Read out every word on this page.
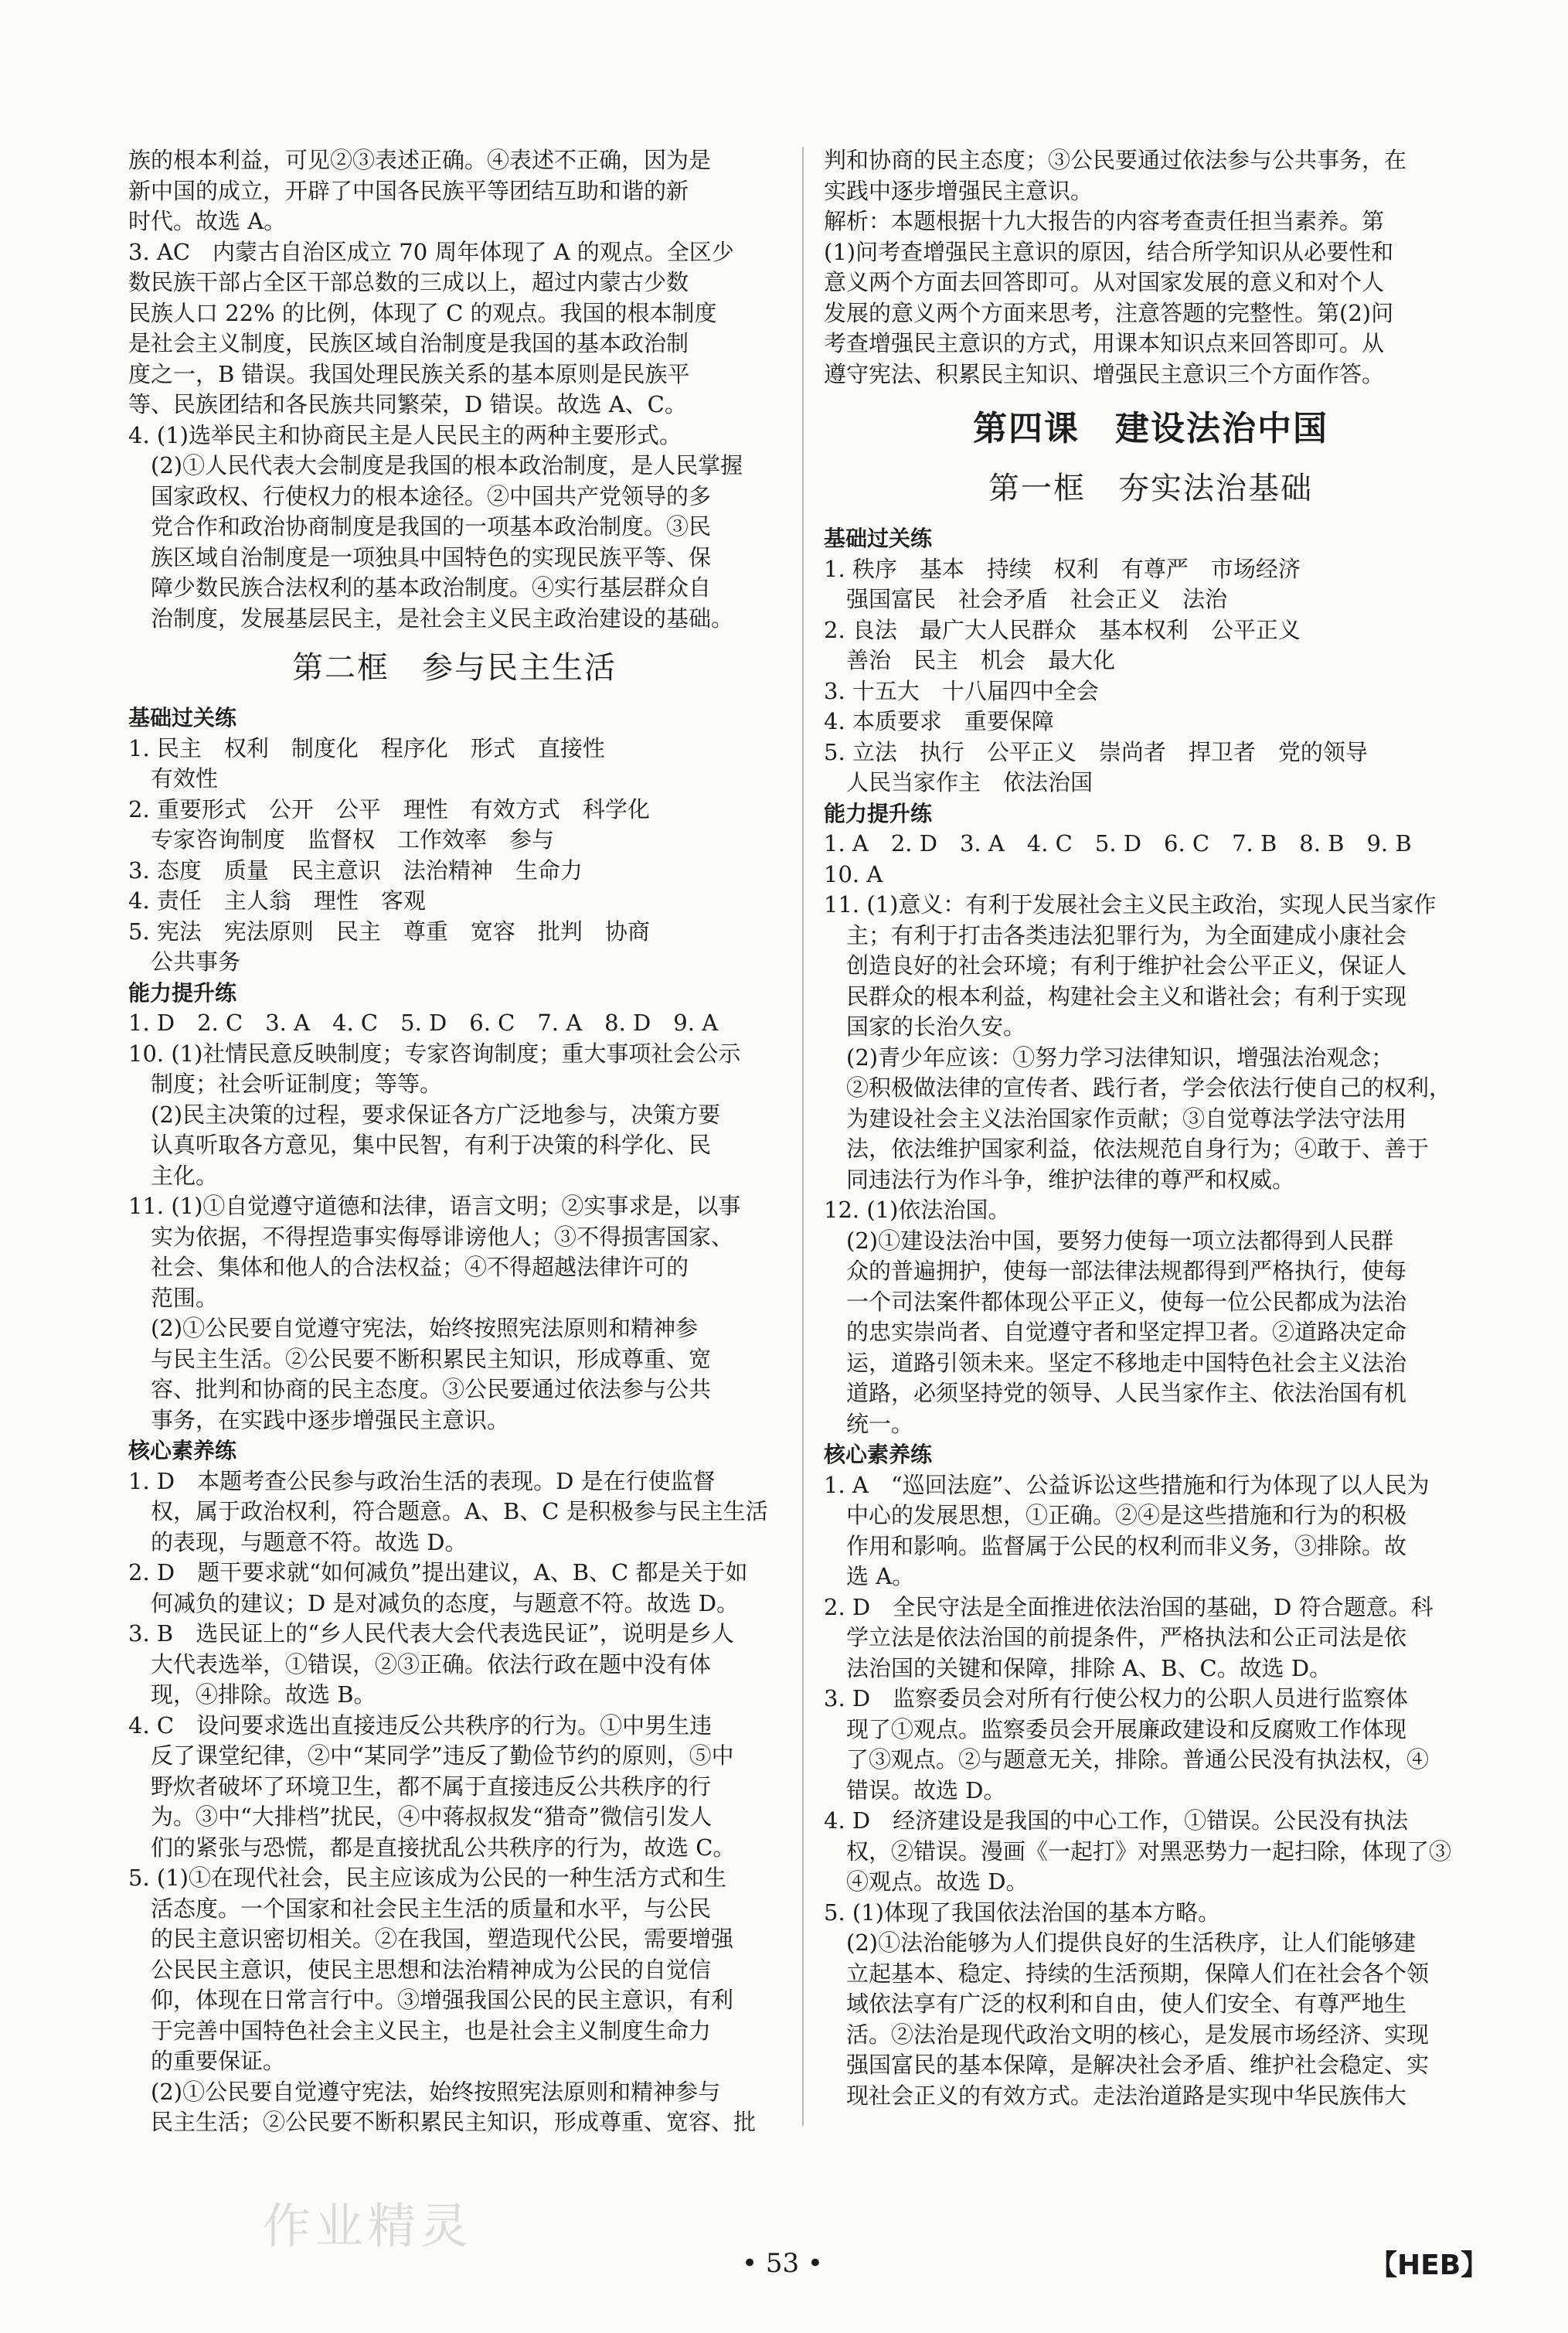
族的根本利益，可见②③表述正确。④表述不正确，因为是

新中国的成立，开辟了中国各民族平等团结互助和谐的新

时代。故选 A。

3. AC　内蒙古自治区成立 70 周年体现了 A 的观点。全区少

数民族干部占全区干部总数的三成以上，超过内蒙古少数

民族人口 22% 的比例，体现了 C 的观点。我国的根本制度

是社会主义制度，民族区域自治制度是我国的基本政治制

度之一，B 错误。我国处理民族关系的基本原则是民族平

等、民族团结和各民族共同繁荣，D 错误。故选 A、C。

4. (1)选举民主和协商民主是人民民主的两种主要形式。

　(2)①人民代表大会制度是我国的根本政治制度，是人民掌握

　国家政权、行使权力的根本途径。②中国共产党领导的多

　党合作和政治协商制度是我国的一项基本政治制度。③民

　族区域自治制度是一项独具中国特色的实现民族平等、保

　障少数民族合法权利的基本政治制度。④实行基层群众自

　治制度，发展基层民主，是社会主义民主政治建设的基础。

第二框　参与民主生活
基础过关练

1. 民主　权利　制度化　程序化　形式　直接性

　有效性

2. 重要形式　公开　公平　理性　有效方式　科学化

　专家咨询制度　监督权　工作效率　参与

3. 态度　质量　民主意识　法治精神　生命力

4. 责任　主人翁　理性　客观

5. 宪法　宪法原则　民主　尊重　宽容　批判　协商

　公共事务

能力提升练

1. D　2. C　3. A　4. C　5. D　6. C　7. A　8. D　9. A

10. (1)社情民意反映制度；专家咨询制度；重大事项社会公示

　制度；社会听证制度；等等。

　(2)民主决策的过程，要求保证各方广泛地参与，决策方要

　认真听取各方意见，集中民智，有利于决策的科学化、民

　主化。

11. (1)①自觉遵守道德和法律，语言文明；②实事求是，以事

　实为依据，不得捏造事实侮辱诽谤他人；③不得损害国家、

　社会、集体和他人的合法权益；④不得超越法律许可的

　范围。

　(2)①公民要自觉遵守宪法，始终按照宪法原则和精神参

　与民主生活。②公民要不断积累民主知识，形成尊重、宽

　容、批判和协商的民主态度。③公民要通过依法参与公共

　事务，在实践中逐步增强民主意识。

核心素养练

1. D　本题考查公民参与政治生活的表现。D 是在行使监督

　权，属于政治权利，符合题意。A、B、C 是积极参与民主生活

　的表现，与题意不符。故选 D。

2. D　题干要求就“如何减负”提出建议，A、B、C 都是关于如

　何减负的建议；D 是对减负的态度，与题意不符。故选 D。

3. B　选民证上的“乡人民代表大会代表选民证”，说明是乡人

　大代表选举，①错误，②③正确。依法行政在题中没有体

　现，④排除。故选 B。

4. C　设问要求选出直接违反公共秩序的行为。①中男生违

　反了课堂纪律，②中“某同学”违反了勤俭节约的原则，⑤中

　野炊者破坏了环境卫生，都不属于直接违反公共秩序的行

　为。③中“大排档”扰民，④中蒋叔叔发“猎奇”微信引发人

　们的紧张与恐慌，都是直接扰乱公共秩序的行为，故选 C。

5. (1)①在现代社会，民主应该成为公民的一种生活方式和生

　活态度。一个国家和社会民主生活的质量和水平，与公民

　的民主意识密切相关。②在我国，塑造现代公民，需要增强

　公民民主意识，使民主思想和法治精神成为公民的自觉信

　仰，体现在日常言行中。③增强我国公民的民主意识，有利

　于完善中国特色社会主义民主，也是社会主义制度生命力

　的重要保证。

　(2)①公民要自觉遵守宪法，始终按照宪法原则和精神参与

　民主生活；②公民要不断积累民主知识，形成尊重、宽容、批

判和协商的民主态度；③公民要通过依法参与公共事务，在

实践中逐步增强民主意识。

解析：本题根据十九大报告的内容考查责任担当素养。第

(1)问考查增强民主意识的原因，结合所学知识从必要性和

意义两个方面去回答即可。从对国家发展的意义和对个人

发展的意义两个方面来思考，注意答题的完整性。第(2)问

考查增强民主意识的方式，用课本知识点来回答即可。从

遵守宪法、积累民主知识、增强民主意识三个方面作答。

第四课　建设法治中国
第一框　夯实法治基础
基础过关练

1. 秩序　基本　持续　权利　有尊严　市场经济

　强国富民　社会矛盾　社会正义　法治

2. 良法　最广大人民群众　基本权利　公平正义

　善治　民主　机会　最大化

3. 十五大　十八届四中全会

4. 本质要求　重要保障

5. 立法　执行　公平正义　崇尚者　捍卫者　党的领导

　人民当家作主　依法治国

能力提升练

1. A　2. D　3. A　4. C　5. D　6. C　7. B　8. B　9. B

10. A

11. (1)意义：有利于发展社会主义民主政治，实现人民当家作

　主；有利于打击各类违法犯罪行为，为全面建成小康社会

　创造良好的社会环境；有利于维护社会公平正义，保证人

　民群众的根本利益，构建社会主义和谐社会；有利于实现

　国家的长治久安。

　(2)青少年应该：①努力学习法律知识，增强法治观念；

　②积极做法律的宣传者、践行者，学会依法行使自己的权利，

　为建设社会主义法治国家作贡献；③自觉尊法学法守法用

　法，依法维护国家利益，依法规范自身行为；④敢于、善于

　同违法行为作斗争，维护法律的尊严和权威。

12. (1)依法治国。

　(2)①建设法治中国，要努力使每一项立法都得到人民群

　众的普遍拥护，使每一部法律法规都得到严格执行，使每

　一个司法案件都体现公平正义，使每一位公民都成为法治

　的忠实崇尚者、自觉遵守者和坚定捍卫者。②道路决定命

　运，道路引领未来。坚定不移地走中国特色社会主义法治

　道路，必须坚持党的领导、人民当家作主、依法治国有机

　统一。

核心素养练

1. A　“巡回法庭”、公益诉讼这些措施和行为体现了以人民为

　中心的发展思想，①正确。②④是这些措施和行为的积极

　作用和影响。监督属于公民的权利而非义务，③排除。故

　选 A。

2. D　全民守法是全面推进依法治国的基础，D 符合题意。科

　学立法是依法治国的前提条件，严格执法和公正司法是依

　法治国的关键和保障，排除 A、B、C。故选 D。

3. D　监察委员会对所有行使公权力的公职人员进行监察体

　现了①观点。监察委员会开展廉政建设和反腐败工作体现

　了③观点。②与题意无关，排除。普通公民没有执法权，④

　错误。故选 D。

4. D　经济建设是我国的中心工作，①错误。公民没有执法

　权，②错误。漫画《一起打》对黑恶势力一起扫除，体现了③

　④观点。故选 D。

5. (1)体现了我国依法治国的基本方略。

　(2)①法治能够为人们提供良好的生活秩序，让人们能够建

　立起基本、稳定、持续的生活预期，保障人们在社会各个领

　域依法享有广泛的权利和自由，使人们安全、有尊严地生

　活。②法治是现代政治文明的核心，是发展市场经济、实现

　强国富民的基本保障，是解决社会矛盾、维护社会稳定、实

　现社会正义的有效方式。走法治道路是实现中华民族伟大

• 53 •	【HEB】
作业精灵
